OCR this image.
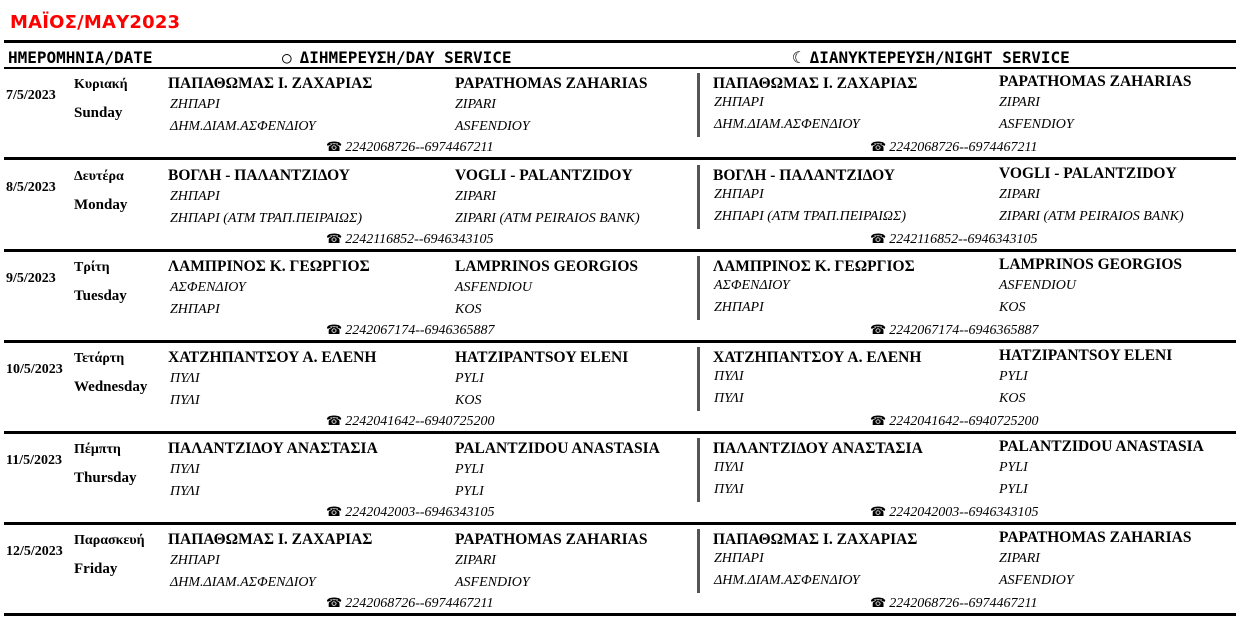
ΜΑΪΟΣ/ΜΑΥ2023
ΗΜΕΡΟΜΗΝΙΑ/DATE	○ ΔΙΗΜΕΡΕΥΣΗ/DAY SERVICE	☾ ΔΙΑΝΥΚΤΕΡΕΥΣΗ/NIGHT SERVICE
7/5/2023
Κυριακή
Sunday
ΠΑΠΑΘΩΜΑΣ Ι. ΖΑΧΑΡΙΑΣ	PAPATHOMAS ZAHARIAS
ΖΗΠΑΡΙ	ZIPARI
ΔΗΜ.ΔΙΑΜ.ΑΣΦΕΝΔΙΟΥ	ASFENDIOY
☎ 2242068726--6974467211
ΠΑΠΑΘΩΜΑΣ Ι. ΖΑΧΑΡΙΑΣ	PAPATHOMAS ZAHARIAS
ΖΗΠΑΡΙ	ZIPARI
ΔΗΜ.ΔΙΑΜ.ΑΣΦΕΝΔΙΟΥ	ASFENDIOY
☎ 2242068726--6974467211
8/5/2023
Δευτέρα
Monday
ΒΟΓΛΗ - ΠΑΛΑΝΤΖΙΔΟΥ	VOGLI - PALANTZIDOY
ΖΗΠΑΡΙ	ZIPARI
ΖΗΠΑΡΙ (ΑΤΜ ΤΡΑΠ.ΠΕΙΡΑΙΩΣ)	ZIPARI (ATM PEIRAIOS BANK)
☎ 2242116852--6946343105
ΒΟΓΛΗ - ΠΑΛΑΝΤΖΙΔΟΥ	VOGLI - PALANTZIDOY
ΖΗΠΑΡΙ	ZIPARI
ΖΗΠΑΡΙ (ΑΤΜ ΤΡΑΠ.ΠΕΙΡΑΙΩΣ)	ZIPARI (ATM PEIRAIOS BANK)
☎ 2242116852--6946343105
9/5/2023
Τρίτη
Tuesday
ΛΑΜΠΡΙΝΟΣ Κ. ΓΕΩΡΓΙΟΣ	LAMPRINOS GEORGIOS
ΑΣΦΕΝΔΙΟΥ	ASFENDIOU
ΖΗΠΑΡΙ	KOS
☎ 2242067174--6946365887
ΛΑΜΠΡΙΝΟΣ Κ. ΓΕΩΡΓΙΟΣ	LAMPRINOS GEORGIOS
ΑΣΦΕΝΔΙΟΥ	ASFENDIOU
ΖΗΠΑΡΙ	KOS
☎ 2242067174--6946365887
10/5/2023
Τετάρτη
Wednesday
ΧΑΤΖΗΠΑΝΤΣΟΥ Α. ΕΛΕΝΗ	HATZIPANTSOY ELENI
ΠΥΛΙ	PYLI
ΠΥΛΙ	KOS
☎ 2242041642--6940725200
ΧΑΤΖΗΠΑΝΤΣΟΥ Α. ΕΛΕΝΗ	HATZIPANTSOY ELENI
ΠΥΛΙ	PYLI
ΠΥΛΙ	KOS
☎ 2242041642--6940725200
11/5/2023
Πέμπτη
Thursday
ΠΑΛΑΝΤΖΙΔΟΥ ΑΝΑΣΤΑΣΙΑ	PALANTZIDOU ANASTASIA
ΠΥΛΙ	PYLI
ΠΥΛΙ	PYLI
☎ 2242042003--6946343105
ΠΑΛΑΝΤΖΙΔΟΥ ΑΝΑΣΤΑΣΙΑ	PALANTZIDOU ANASTASIA
ΠΥΛΙ	PYLI
ΠΥΛΙ	PYLI
☎ 2242042003--6946343105
12/5/2023
Παρασκευή
Friday
ΠΑΠΑΘΩΜΑΣ Ι. ΖΑΧΑΡΙΑΣ	PAPATHOMAS ZAHARIAS
ΖΗΠΑΡΙ	ZIPARI
ΔΗΜ.ΔΙΑΜ.ΑΣΦΕΝΔΙΟΥ	ASFENDIOY
☎ 2242068726--6974467211
ΠΑΠΑΘΩΜΑΣ Ι. ΖΑΧΑΡΙΑΣ	PAPATHOMAS ZAHARIAS
ΖΗΠΑΡΙ	ZIPARI
ΔΗΜ.ΔΙΑΜ.ΑΣΦΕΝΔΙΟΥ	ASFENDIOY
☎ 2242068726--6974467211
